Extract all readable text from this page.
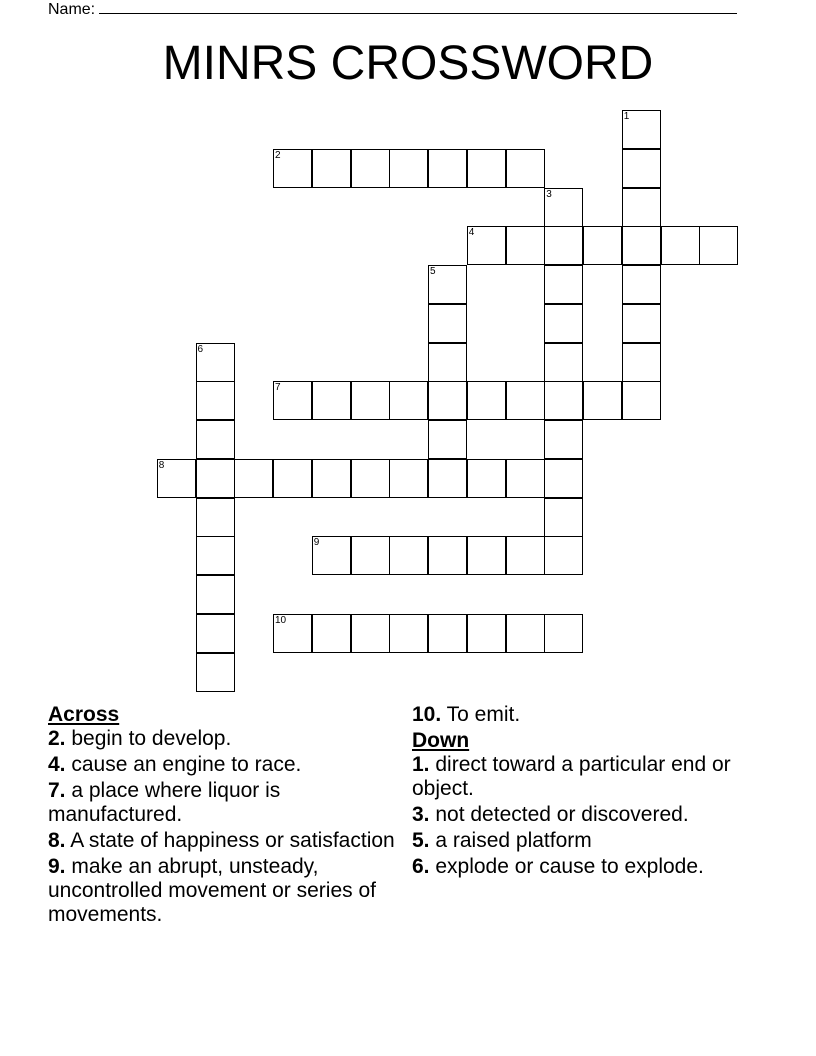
Name:
MINRS CROSSWORD
1
2
3
4
5
6
7
8
9
10
Across
2. begin to develop.
4. cause an engine to race.
7. a place where liquor is manufactured.
8. A state of happiness or satisfaction
9. make an abrupt, unsteady, uncontrolled movement or series of movements.
10. To emit.
Down
1. direct toward a particular end or object.
3. not detected or discovered.
5. a raised platform
6. explode or cause to explode.
